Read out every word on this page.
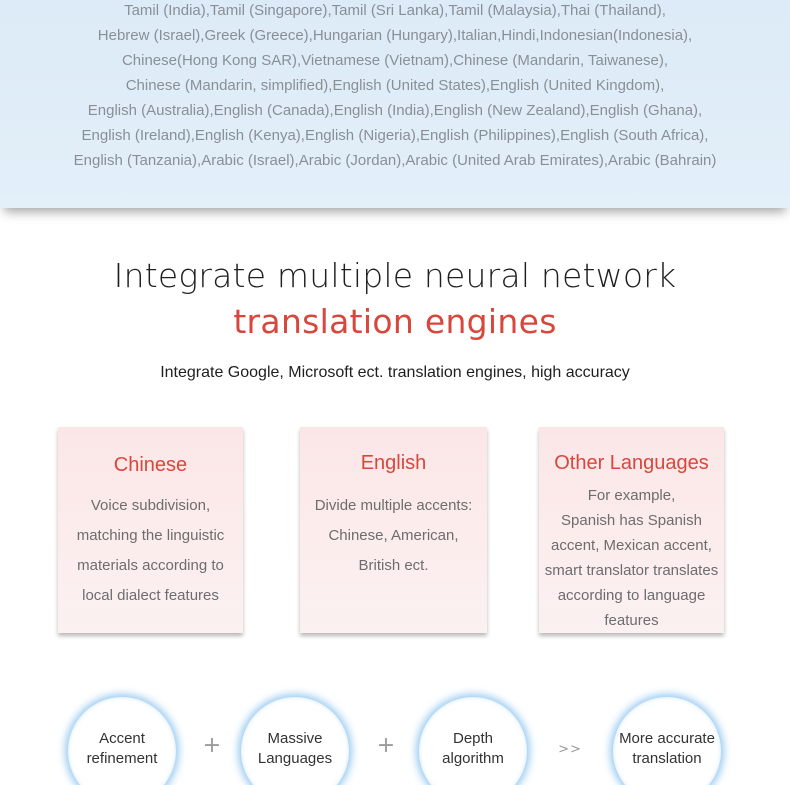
Tamil (India),Tamil (Singapore),Tamil (Sri Lanka),Tamil (Malaysia),Thai (Thailand),
Hebrew (Israel),Greek (Greece),Hungarian (Hungary),Italian,Hindi,Indonesian(Indonesia),
Chinese(Hong Kong SAR),Vietnamese (Vietnam),Chinese (Mandarin, Taiwanese),
Chinese (Mandarin, simplified),English (United States),English (United Kingdom),
English (Australia),English (Canada),English (India),English (New Zealand),English (Ghana),
English (Ireland),English (Kenya),English (Nigeria),English (Philippines),English (South Africa),
English (Tanzania),Arabic (Israel),Arabic (Jordan),Arabic (United Arab Emirates),Arabic (Bahrain)
Integrate multiple neural network
translation engines
Integrate Google, Microsoft ect. translation engines, high accuracy
Chinese
Voice subdivision,
matching the linguistic
materials according to
local dialect features
English
Divide multiple accents:
Chinese, American,
British ect.
Other Languages
For example,
Spanish has Spanish
accent, Mexican accent,
smart translator translates
according to language
features
Accent
refinement
+	Massive
Languages
+	Depth
algorithm
>>
More accurate
translation
